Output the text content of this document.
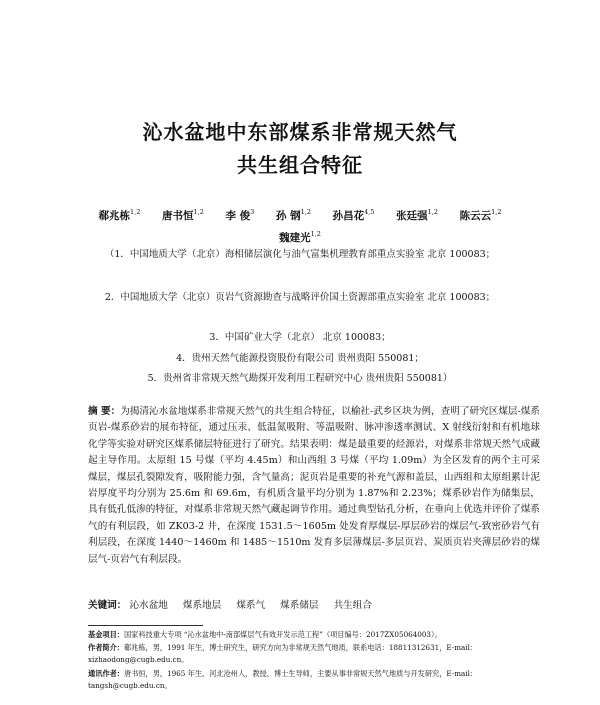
沁水盆地中东部煤系非常规天然气
共生组合特征
郗兆栋$^{1,2}$ 唐书恒$^{1,2}$ 李 俊$^3$ 孙 钢$^{1,2}$ 孙昌花$^{4,5}$ 张廷强$^{1,2}$ 陈云云$^{1,2}$
魏建光$^{1,2}$
（1．中国地质大学（北京）海相储层演化与油气富集机理教育部重点实验室 北京 100083；
2．中国地质大学（北京）页岩气资源勘查与战略评价国土资源部重点实验室 北京 100083；
3．中国矿业大学（北京） 北京 100083；
4．贵州天然气能源投资股份有限公司 贵州贵阳 550081；
5．贵州省非常规天然气勘探开发利用工程研究中心 贵州贵阳 550081）
摘 要：为揭清沁水盆地煤系非常规天然气的共生组合特征，以榆社-武乡区块为例，查明了研究区煤层-煤系页岩-煤系砂岩的展布特征，通过压汞、低温氮吸附、等温吸附、脉冲渗透率测试、X 射线衍射和有机地球化学等实验对研究区煤系储层特征进行了研究。结果表明：煤是最重要的烃源岩，对煤系非常规天然气成藏起主导作用。太原组 15 号煤（平均 4.45m）和山西组 3 号煤（平均 1.09m）为全区发育的两个主可采煤层，煤层孔裂隙发育，吸附能力强，含气量高；泥页岩是重要的补充气源和盖层，山西组和太原组累计泥岩厚度平均分别为 25.6m 和 69.6m，有机质含量平均分别为 1.87%和 2.23%；煤系砂岩作为储集层，具有低孔低渗的特征，对煤系非常规天然气藏起调节作用。通过典型钻孔分析，在垂向上优选并评价了煤系气的有利层段，如 ZK03-2 井，在深度 1531.5～1605m 处发育厚煤层-厚层砂岩的煤层气-致密砂岩气有利层段，在深度 1440～1460m 和 1485～1510m 发育多层薄煤层-多层页岩、炭质页岩夹薄层砂岩的煤层气-页岩气有利层段。
关键词： 沁水盆地 煤系地层 煤系气 煤系储层 共生组合
基金项目：国家科技重大专项 “沁水盆地中-南部煤层气有效开发示范工程”（项目编号：2017ZX05064003）。
作者简介：郗兆栋，男，1991 年生，博士研究生，研究方向为非常规天然气地质，联系电话：18811312631，E-mail：xizhaodong@cugb.edu.cn。
通讯作者：唐书恒，男，1965 年生，河北沧州人，教授，博士生导师，主要从事非常规天然气地质与开发研究，E-mail：tangsh@cugb.edu.cn。
